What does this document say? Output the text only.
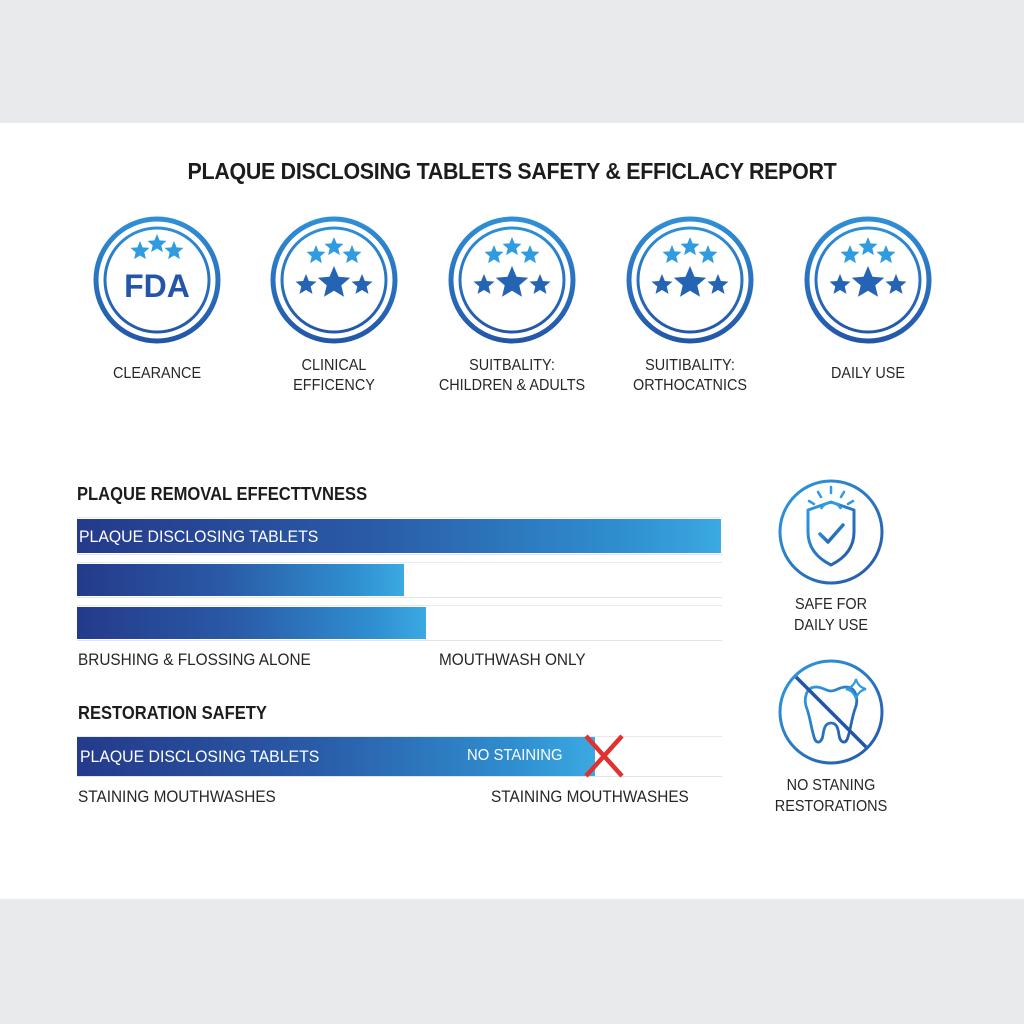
PLAQUE DISCLOSING TABLETS SAFETY & EFFICLACY REPORT
FDA
CLEARANCE	CLINICAL
EFFICENCY
SUITBALITY:
CHILDREN & ADULTS
SUITIBALITY:
ORTHOCATNICS
DAILY USE
PLAQUE REMOVAL EFFECTTVNESS
PLAQUE DISCLOSING TABLETS
BRUSHING & FLOSSING ALONE	MOUTHWASH ONLY
RESTORATION SAFETY
PLAQUE DISCLOSING TABLETS	NO STAINING
STAINING MOUTHWASHES	STAINING MOUTHWASHES
SAFE FOR
DAILY USE
NO STANING
RESTORATIONS
